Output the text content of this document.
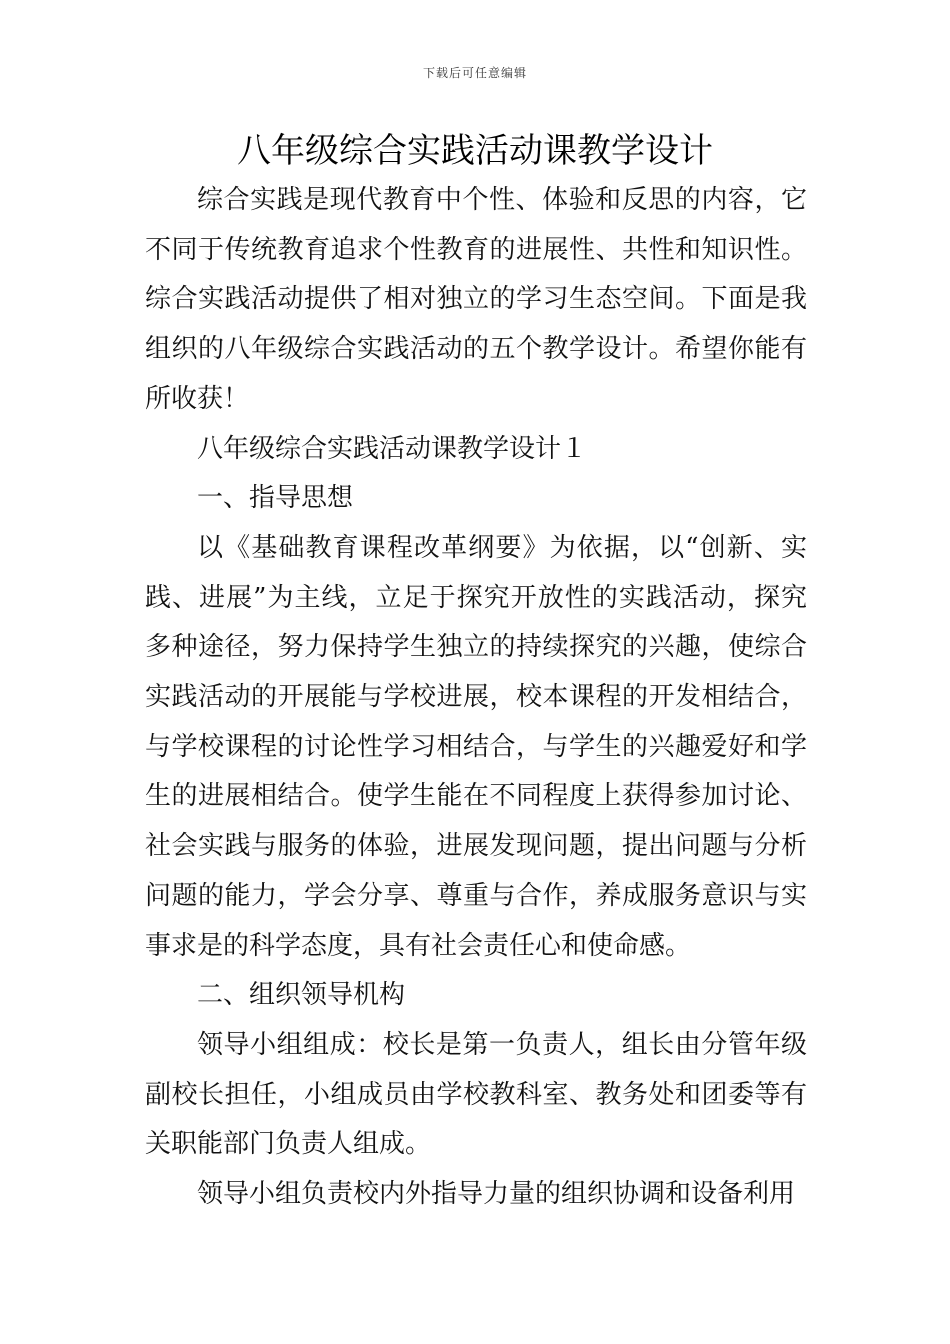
下载后可任意编辑
八年级综合实践活动课教学设计

综合实践是现代教育中个性、体验和反思的内容，它不同于传统教育追求个性教育的进展性、共性和知识性。综合实践活动提供了相对独立的学习生态空间。下面是我组织的八年级综合实践活动的五个教学设计。希望你能有所收获！

八年级综合实践活动课教学设计１

一、指导思想

以《基础教育课程改革纲要》为依据，以“创新、实践、进展”为主线，立足于探究开放性的实践活动，探究多种途径，努力保持学生独立的持续探究的兴趣，使综合实践活动的开展能与学校进展，校本课程的开发相结合，与学校课程的讨论性学习相结合，与学生的兴趣爱好和学生的进展相结合。使学生能在不同程度上获得参加讨论、社会实践与服务的体验，进展发现问题，提出问题与分析问题的能力，学会分享、尊重与合作，养成服务意识与实事求是的科学态度，具有社会责任心和使命感。

二、组织领导机构

领导小组组成：校长是第一负责人，组长由分管年级副校长担任，小组成员由学校教科室、教务处和团委等有关职能部门负责人组成。

领导小组负责校内外指导力量的组织协调和设备利用
